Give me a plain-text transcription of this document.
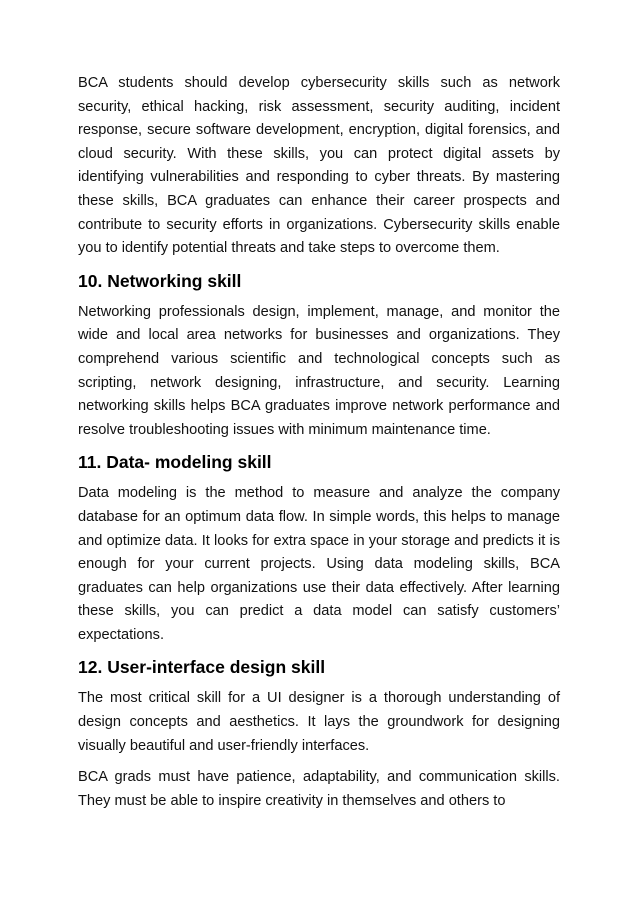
BCA students should develop cybersecurity skills such as network security, ethical hacking, risk assessment, security auditing, incident response, secure software development, encryption, digital forensics, and cloud security. With these skills, you can protect digital assets by identifying vulnerabilities and responding to cyber threats. By mastering these skills, BCA graduates can enhance their career prospects and contribute to security efforts in organizations. Cybersecurity skills enable you to identify potential threats and take steps to overcome them.

10. Networking skill

Networking professionals design, implement, manage, and monitor the wide and local area networks for businesses and organizations. They comprehend various scientific and technological concepts such as scripting, network designing, infrastructure, and security. Learning networking skills helps BCA graduates improve network performance and resolve troubleshooting issues with minimum maintenance time.

11. Data- modeling skill

Data modeling is the method to measure and analyze the company database for an optimum data flow. In simple words, this helps to manage and optimize data. It looks for extra space in your storage and predicts it is enough for your current projects. Using data modeling skills, BCA graduates can help organizations use their data effectively. After learning these skills, you can predict a data model can satisfy customers’ expectations.

12. User-interface design skill

The most critical skill for a UI designer is a thorough understanding of design concepts and aesthetics. It lays the groundwork for designing visually beautiful and user-friendly interfaces.

BCA grads must have patience, adaptability, and communication skills. They must be able to inspire creativity in themselves and others to
